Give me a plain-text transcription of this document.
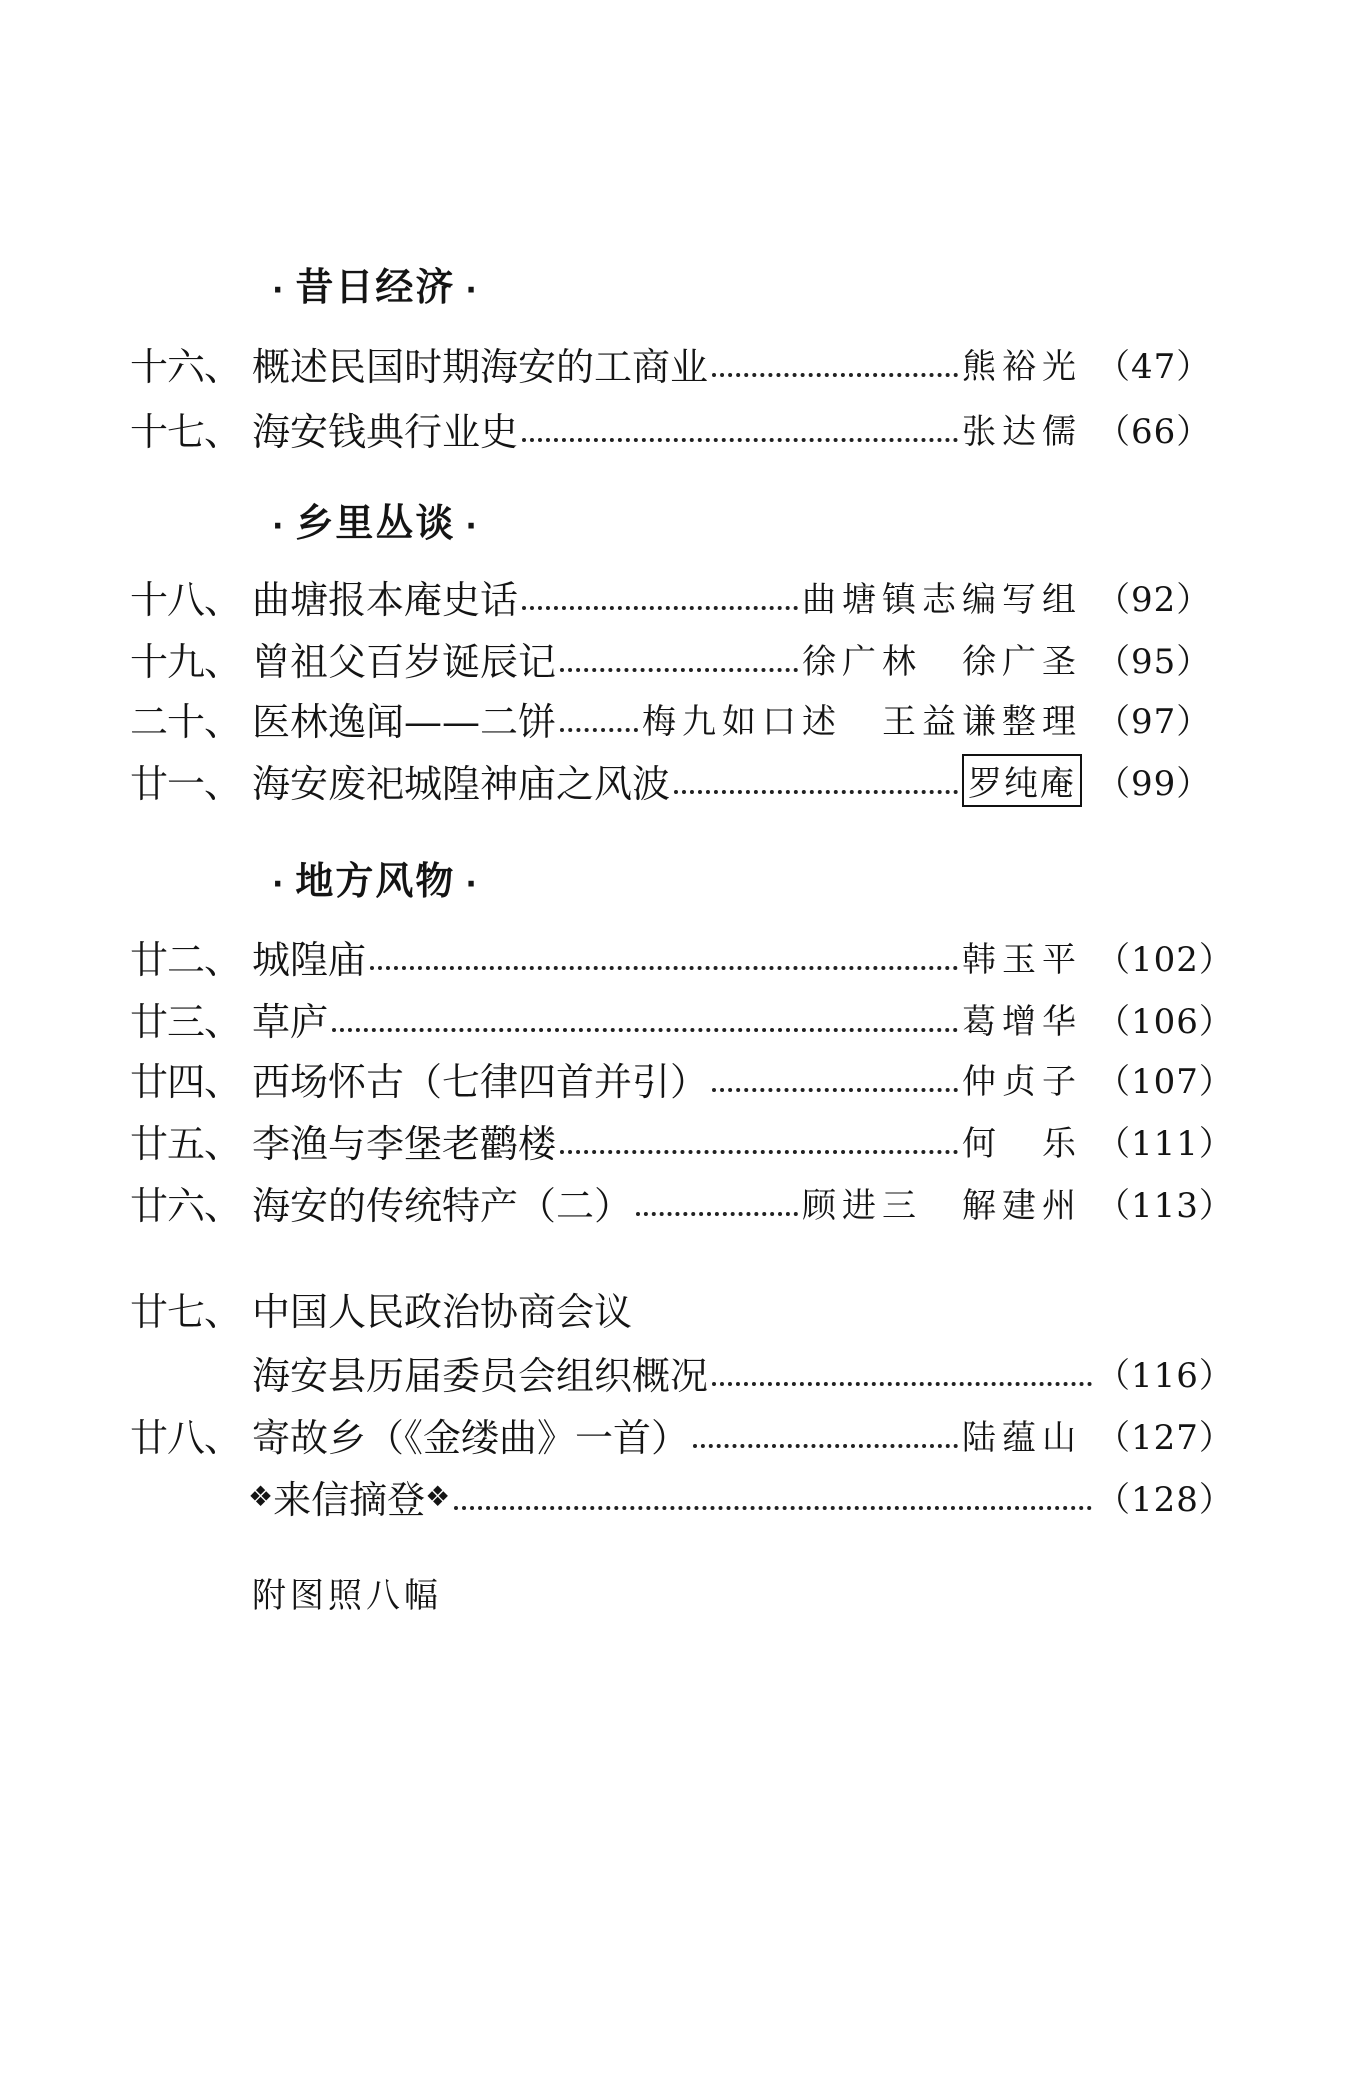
· 昔日经济 ·
十六、 概述民国时期海安的工商业	熊裕光 （47）
十七、 海安钱典行业史	张达儒 （66）
· 乡里丛谈 ·
十八、 曲塘报本庵史话	曲塘镇志编写组 （92）
十九、 曾祖父百岁诞辰记	徐广林　徐广圣 （95）
二十、 医林逸闻——二饼	梅九如口述　王益谦整理 （97）
廿一、 海安废祀城隍神庙之风波	罗纯庵 （99）
· 地方风物 ·
廿二、 城隍庙	韩玉平 （102）
廿三、 草庐	葛增华 （106）
廿四、 西场怀古（七律四首并引）	仲贞子 （107）
廿五、 李渔与李堡老鹳楼	何　乐 （111）
廿六、 海安的传统特产（二）	顾进三　解建州 （113）
廿七、 中国人民政治协商会议
海安县历届委员会组织概况	（116）
廿八、 寄故乡（《金缕曲》一首）	陆蕴山 （127）
❖ 来信摘登 ❖	（128）
附图照八幅
